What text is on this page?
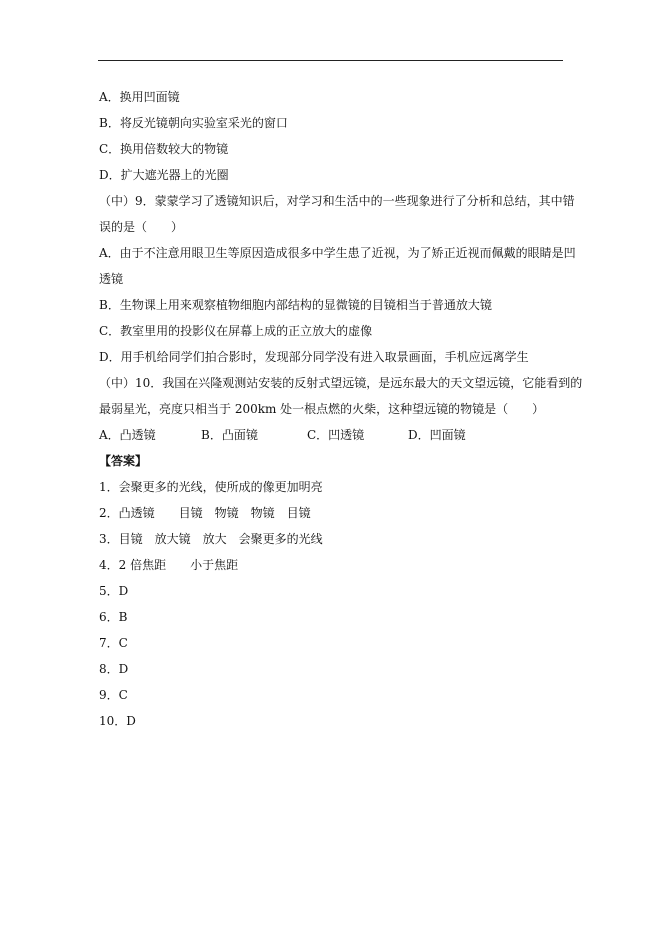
A．换用凹面镜
B．将反光镜朝向实验室采光的窗口
C．换用倍数较大的物镜
D．扩大遮光器上的光圈
（中）9．蒙蒙学习了透镜知识后，对学习和生活中的一些现象进行了分析和总结，其中错
误的是（　　）
A．由于不注意用眼卫生等原因造成很多中学生患了近视，为了矫正近视而佩戴的眼睛是凹
透镜
B．生物课上用来观察植物细胞内部结构的显微镜的目镜相当于普通放大镜
C．教室里用的投影仪在屏幕上成的正立放大的虚像
D．用手机给同学们拍合影时，发现部分同学没有进入取景画面，手机应远离学生
（中）10．我国在兴隆观测站安装的反射式望远镜，是远东最大的天文望远镜，它能看到的
最弱星光，亮度只相当于 200km 处一根点燃的火柴，这种望远镜的物镜是（　　）
A．凸透镜	B．凸面镜	C．凹透镜	D．凹面镜
【答案】
1．会聚更多的光线，使所成的像更加明亮
2．凸透镜　　目镜　物镜　物镜　目镜
3．目镜　放大镜　放大　会聚更多的光线
4．2 倍焦距　　小于焦距
5．D
6．B
7．C
8．D
9．C
10．D
